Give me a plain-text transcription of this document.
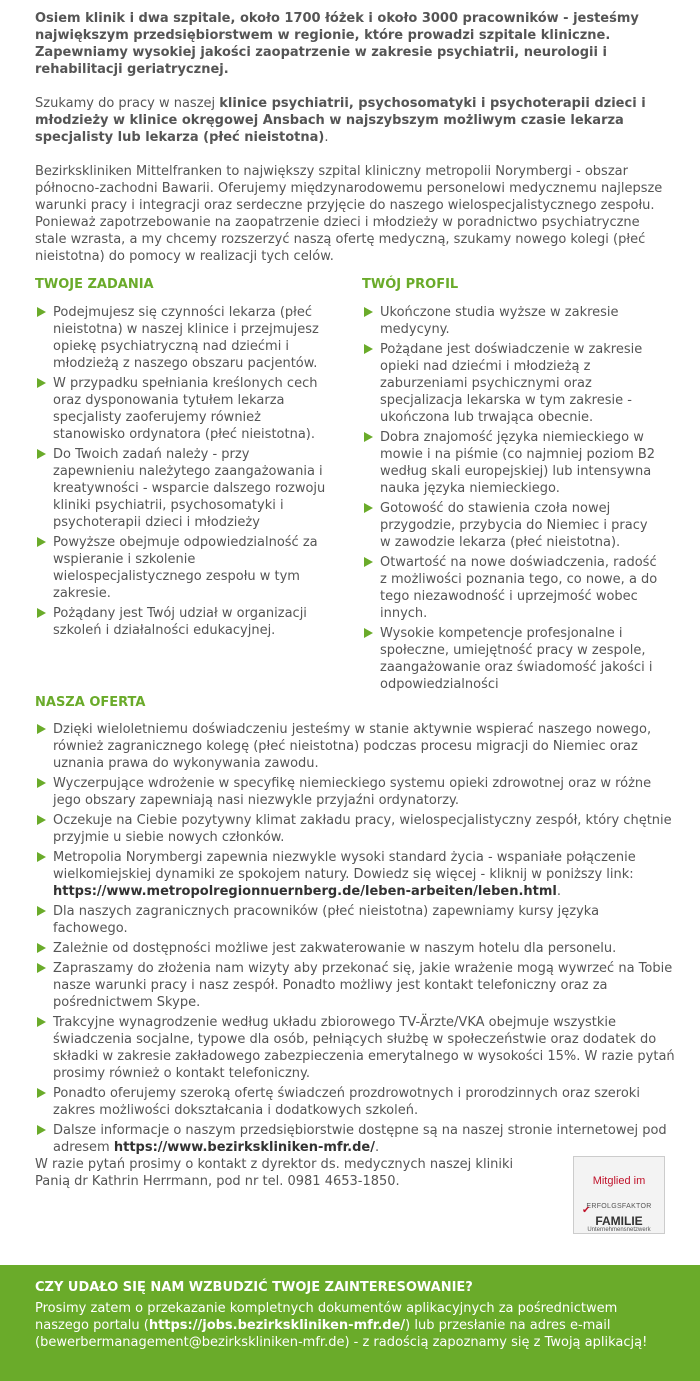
Osiem klinik i dwa szpitale, około 1700 łóżek i około 3000 pracowników - jesteśmy największym przedsiębiorstwem w regionie, które prowadzi szpitale kliniczne. Zapewniamy wysokiej jakości zaopatrzenie w zakresie psychiatrii, neurologii i rehabilitacji geriatrycznej.

Szukamy do pracy w naszej klinice psychiatrii, psychosomatyki i psychoterapii dzieci i młodzieży w klinice okręgowej Ansbach w najszybszym możliwym czasie lekarza specjalisty lub lekarza (płeć nieistotna).

Bezirkskliniken Mittelfranken to największy szpital kliniczny metropolii Norymbergi - obszar północno-zachodni Bawarii. Oferujemy międzynarodowemu personelowi medycznemu najlepsze warunki pracy i integracji oraz serdeczne przyjęcie do naszego wielospecjalistycznego zespołu. Ponieważ zapotrzebowanie na zaopatrzenie dzieci i młodzieży w poradnictwo psychiatryczne stale wzrasta, a my chcemy rozszerzyć naszą ofertę medyczną, szukamy nowego kolegi (płeć nieistotna) do pomocy w realizacji tych celów.

TWOJE ZADANIA
Podejmujesz się czynności lekarza (płeć nieistotna) w naszej klinice i przejmujesz opiekę psychiatryczną nad dziećmi i młodzieżą z naszego obszaru pacjentów.
W przypadku spełniania kreślonych cech oraz dysponowania tytułem lekarza specjalisty zaoferujemy również stanowisko ordynatora (płeć nieistotna).
Do Twoich zadań należy - przy zapewnieniu należytego zaangażowania i kreatywności - wsparcie dalszego rozwoju kliniki psychiatrii, psychosomatyki i psychoterapii dzieci i młodzieży
Powyższe obejmuje odpowiedzialność za wspieranie i szkolenie wielospecjalistycznego zespołu w tym zakresie.
Pożądany jest Twój udział w organizacji szkoleń i działalności edukacyjnej.
TWÓJ PROFIL
Ukończone studia wyższe w zakresie medycyny.
Pożądane jest doświadczenie w zakresie opieki nad dziećmi i młodzieżą z zaburzeniami psychicznymi oraz specjalizacja lekarska w tym zakresie - ukończona lub trwająca obecnie.
Dobra znajomość języka niemieckiego w mowie i na piśmie (co najmniej poziom B2 według skali europejskiej) lub intensywna nauka języka niemieckiego.
Gotowość do stawienia czoła nowej przygodzie, przybycia do Niemiec i pracy w zawodzie lekarza (płeć nieistotna).
Otwartość na nowe doświadczenia, radość z możliwości poznania tego, co nowe, a do tego niezawodność i uprzejmość wobec innych.
Wysokie kompetencje profesjonalne i społeczne, umiejętność pracy w zespole, zaangażowanie oraz świadomość jakości i odpowiedzialności
NASZA OFERTA
Dzięki wieloletniemu doświadczeniu jesteśmy w stanie aktywnie wspierać naszego nowego, również zagranicznego kolegę (płeć nieistotna) podczas procesu migracji do Niemiec oraz uznania prawa do wykonywania zawodu.
Wyczerpujące wdrożenie w specyfikę niemieckiego systemu opieki zdrowotnej oraz w różne jego obszary zapewniają nasi niezwykle przyjaźni ordynatorzy.
Oczekuje na Ciebie pozytywny klimat zakładu pracy, wielospecjalistyczny zespół, który chętnie przyjmie u siebie nowych członków.
Metropolia Norymbergi zapewnia niezwykle wysoki standard życia - wspaniałe połączenie wielkomiejskiej dynamiki ze spokojem natury. Dowiedz się więcej - kliknij w poniższy link: https://www.metropolregionnuernberg.de/leben-arbeiten/leben.html.
Dla naszych zagranicznych pracowników (płeć nieistotna) zapewniamy kursy języka fachowego.
Zależnie od dostępności możliwe jest zakwaterowanie w naszym hotelu dla personelu.
Zapraszamy do złożenia nam wizyty aby przekonać się, jakie wrażenie mogą wywrzeć na Tobie nasze warunki pracy i nasz zespół. Ponadto możliwy jest kontakt telefoniczny oraz za pośrednictwem Skype.
Trakcyjne wynagrodzenie według układu zbiorowego TV-Ärzte/VKA obejmuje wszystkie świadczenia socjalne, typowe dla osób, pełniących służbę w społeczeństwie oraz dodatek do składki w zakresie zakładowego zabezpieczenia emerytalnego w wysokości 15%. W razie pytań prosimy również o kontakt telefoniczny.
Ponadto oferujemy szeroką ofertę świadczeń prozdrowotnych i prorodzinnych oraz szeroki zakres możliwości dokształcania i dodatkowych szkoleń.
Dalsze informacje o naszym przedsiębiorstwie dostępne są na naszej stronie internetowej pod adresem https://www.bezirkskliniken-mfr.de/.
W razie pytań prosimy o kontakt z dyrektor ds. medycznych naszej kliniki
Panią dr Kathrin Herrmann, pod nr tel. 0981 4653-1850.	Mitglied im
✔
ERFOLGSFAKTOR
FAMILIE
Unternehmensnetzwerk
CZY UDAŁO SIĘ NAM WZBUDZIĆ TWOJE ZAINTERESOWANIE?
Prosimy zatem o przekazanie kompletnych dokumentów aplikacyjnych za pośrednictwem naszego portalu (https://jobs.bezirkskliniken-mfr.de/) lub przesłanie na adres e-mail (bewerbermanagement@bezirkskliniken-mfr.de) - z radością zapoznamy się z Twoją aplikacją!
